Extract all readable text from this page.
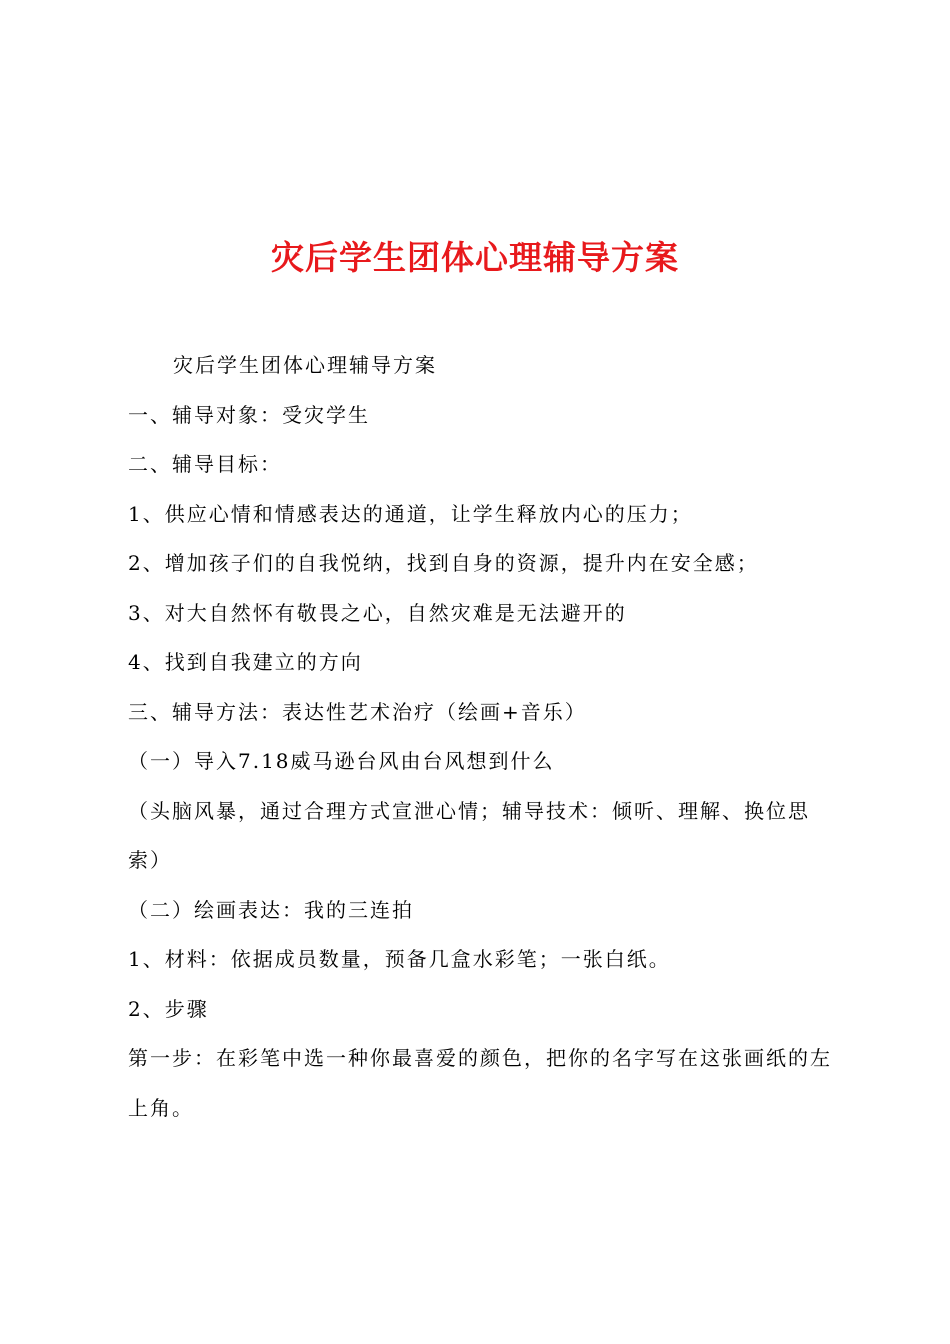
灾后学生团体心理辅导方案

灾后学生团体心理辅导方案

一、辅导对象：受灾学生

二、辅导目标：

1、供应心情和情感表达的通道，让学生释放内心的压力；

2、增加孩子们的自我悦纳，找到自身的资源，提升内在安全感；

3、对大自然怀有敬畏之心，自然灾难是无法避开的

4、找到自我建立的方向

三、辅导方法：表达性艺术治疗（绘画+音乐）

（一）导入7.18威马逊台风由台风想到什么

（头脑风暴，通过合理方式宣泄心情；辅导技术：倾听、理解、换位思索）

（二）绘画表达：我的三连拍

1、材料：依据成员数量，预备几盒水彩笔；一张白纸。

2、步骤

第一步：在彩笔中选一种你最喜爱的颜色，把你的名字写在这张画纸的左上角。
